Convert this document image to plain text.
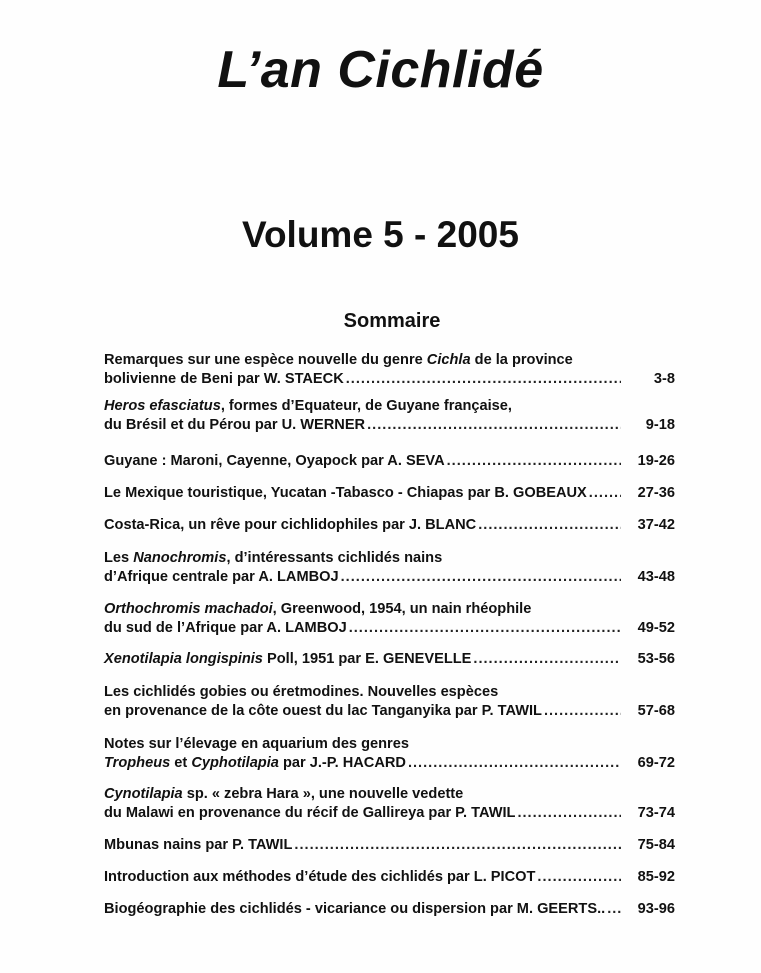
L’an Cichlidé
Volume 5 - 2005
Sommaire
Remarques sur une espèce nouvelle du genre Cichla de la province
bolivienne de Beni par W. STAECK .....	3-8
Heros efasciatus, formes d’Equateur, de Guyane française,
du Brésil et du Pérou par U. WERNER .....	9-18
Guyane : Maroni, Cayenne, Oyapock par A. SEVA .....	19-26
Le Mexique touristique, Yucatan -Tabasco - Chiapas par B. GOBEAUX .....	27-36
Costa-Rica, un rêve pour cichlidophiles par J. BLANC .....	37-42
Les Nanochromis, d’intéressants cichlidés nains
d’Afrique centrale par A. LAMBOJ .....	43-48
Orthochromis machadoi, Greenwood, 1954, un nain rhéophile
du sud de l’Afrique par A. LAMBOJ .....	49-52
Xenotilapia longispinis Poll, 1951 par E. GENEVELLE .....	53-56
Les cichlidés gobies ou éretmodines. Nouvelles espèces
en provenance de la côte ouest du lac Tanganyika par P. TAWIL .....	57-68
Notes sur l’élevage en aquarium des genres
Tropheus et Cyphotilapia par J.-P. HACARD .....	69-72
Cynotilapia sp. « zebra Hara », une nouvelle vedette
du Malawi en provenance du récif de Gallireya par P. TAWIL .....	73-74
Mbunas nains par P. TAWIL .....	75-84
Introduction aux méthodes d’étude des cichlidés par L. PICOT .....	85-92
Biogéographie des cichlidés - vicariance ou dispersion par M. GEERTS.. .....	93-96
